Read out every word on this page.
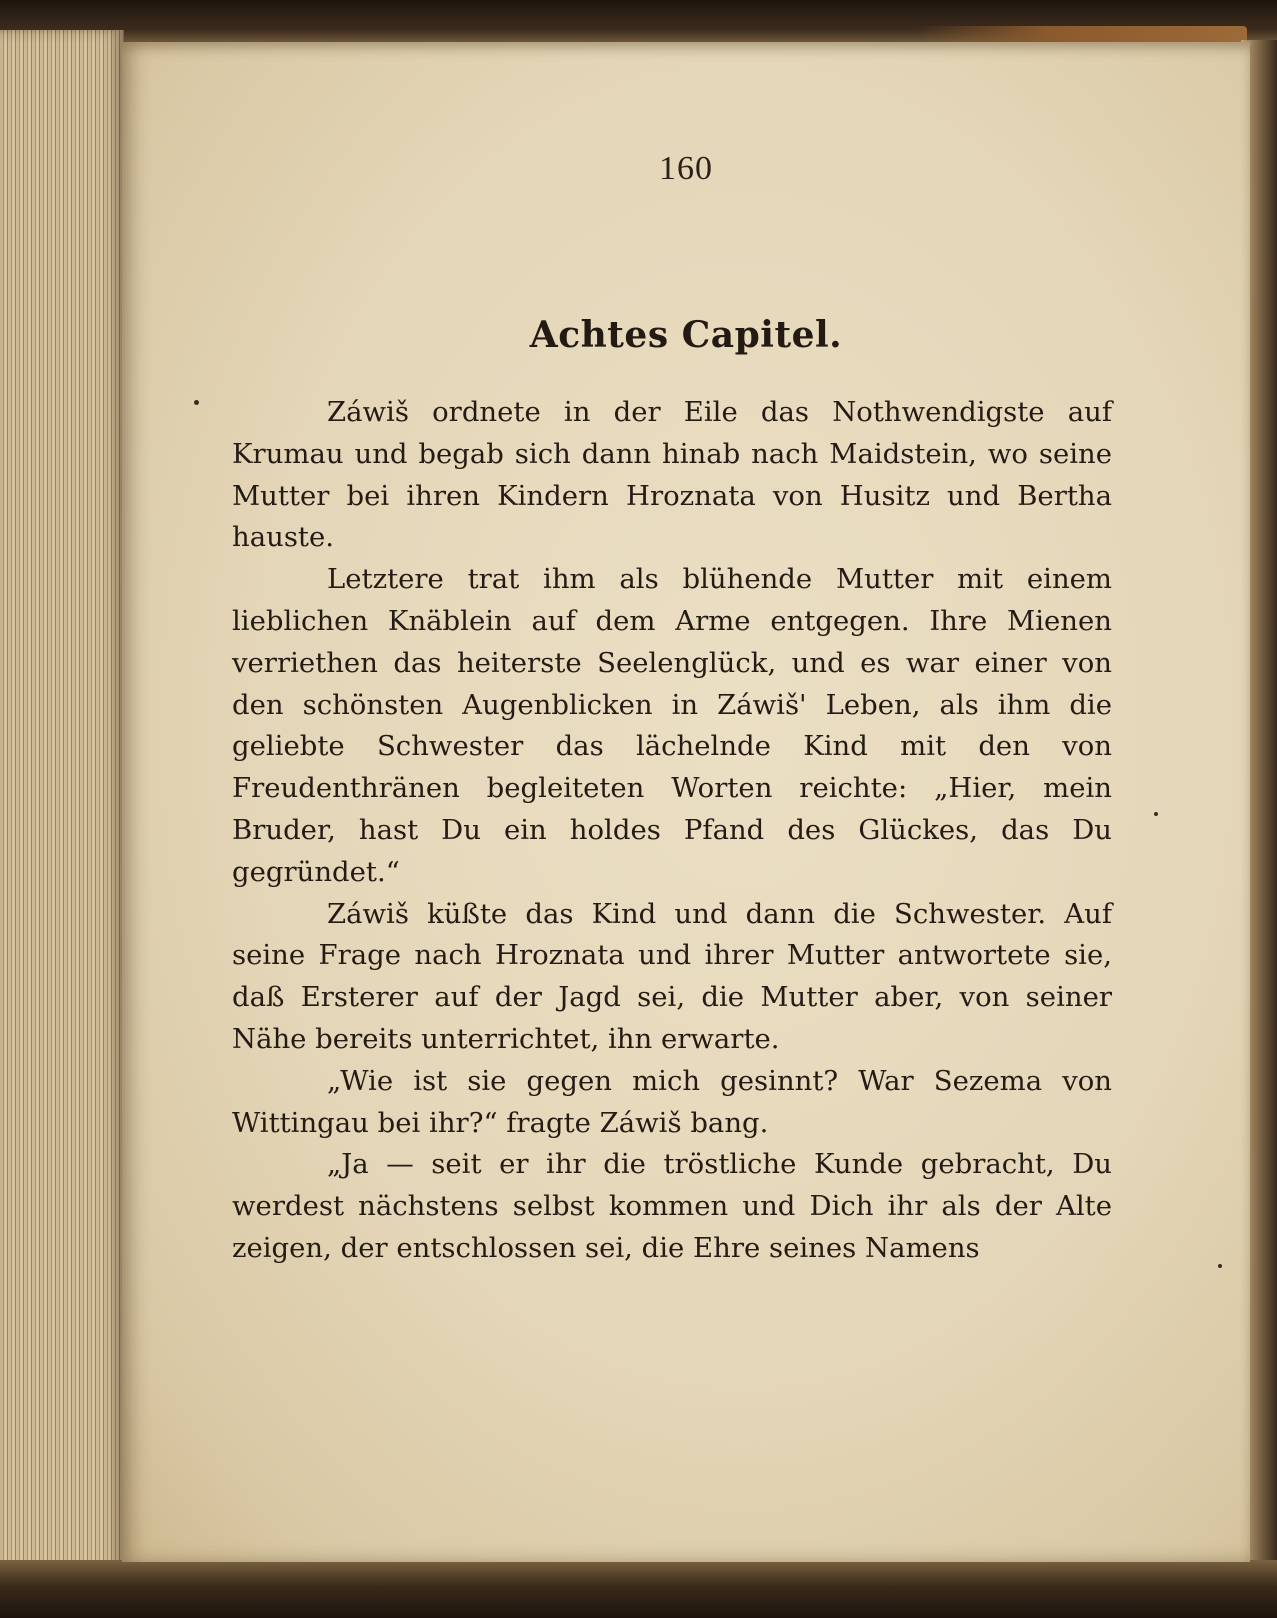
160
Achtes Capitel.

Záwiš ordnete in der Eile das Nothwendigste auf Krumau und begab sich dann hinab nach Maidstein, wo seine Mutter bei ihren Kindern Hroznata von Husitz und Bertha hauste.

Letztere trat ihm als blühende Mutter mit einem lieblichen Knäblein auf dem Arme entgegen. Ihre Mienen verriethen das heiterste Seelenglück, und es war einer von den schönsten Augenblicken in Záwiš' Leben, als ihm die geliebte Schwester das lächelnde Kind mit den von Freudenthränen begleiteten Worten reichte: „Hier, mein Bruder, hast Du ein holdes Pfand des Glückes, das Du gegründet.“

Záwiš küßte das Kind und dann die Schwester. Auf seine Frage nach Hroznata und ihrer Mutter antwortete sie, daß Ersterer auf der Jagd sei, die Mutter aber, von seiner Nähe bereits unterrichtet, ihn erwarte.

„Wie ist sie gegen mich gesinnt? War Sezema von Wittingau bei ihr?“ fragte Záwiš bang.

„Ja — seit er ihr die tröstliche Kunde gebracht, Du werdest nächstens selbst kommen und Dich ihr als der Alte zeigen, der entschlossen sei, die Ehre seines Namens
